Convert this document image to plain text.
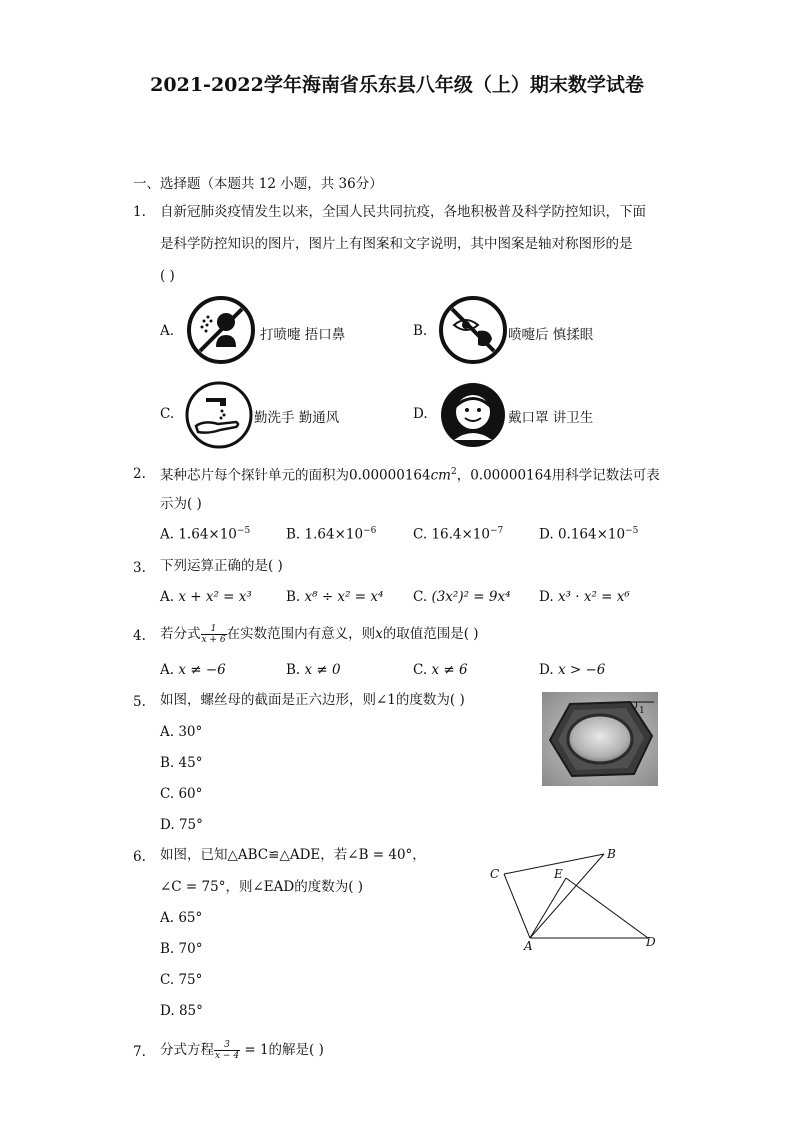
2021-2022学年海南省乐东县八年级（上）期末数学试卷
一、选择题（本题共 12 小题，共 36分）
1. 自新冠肺炎疫情发生以来，全国人民共同抗疫，各地积极普及科学防控知识，下面
是科学防控知识的图片，图片上有图案和文字说明，其中图案是轴对称图形的是
( )
A.	打喷嚏 捂口鼻	B.	喷嚏后 慎揉眼
C.	勤洗手 勤通风	D.	戴口罩 讲卫生
2. 某种芯片每个探针单元的面积为$0.00000164cm^2$，0.00000164用科学记数法可表
示为( )
A. $1.64\times 10^{-5}$	B. $1.64\times 10^{-6}$	C. $16.4\times 10^{-7}$	D. $0.164\times 10^{-5}$
3. 下列运算正确的是( )
A. x + x² = x³	B. x⁸ ÷ x² = x⁴ C. (3x²)² = 9x⁴ D. x³ · x² = x⁶
4. 若分式 $\frac{1}{x + 6}$ 在实数范围内有意义，则x的取值范围是( )
A. x ≠ −6	B. x ≠ 0	C. x ≠ 6	D. x > −6
5. 如图，螺丝母的截面是正六边形，则∠1的度数为( )
A. 30°
B. 45°
C. 60°
D. 75°
1
6. 如图，已知△ABC≌△ADE，若∠B = 40°，
∠C = 75°，则∠EAD的度数为( )
A. 65°
B. 70°
C. 75°
D. 85°
C
B
E
A	D
7. 分式方程 $\frac{3}{x - 4} = 1$的解是( )
